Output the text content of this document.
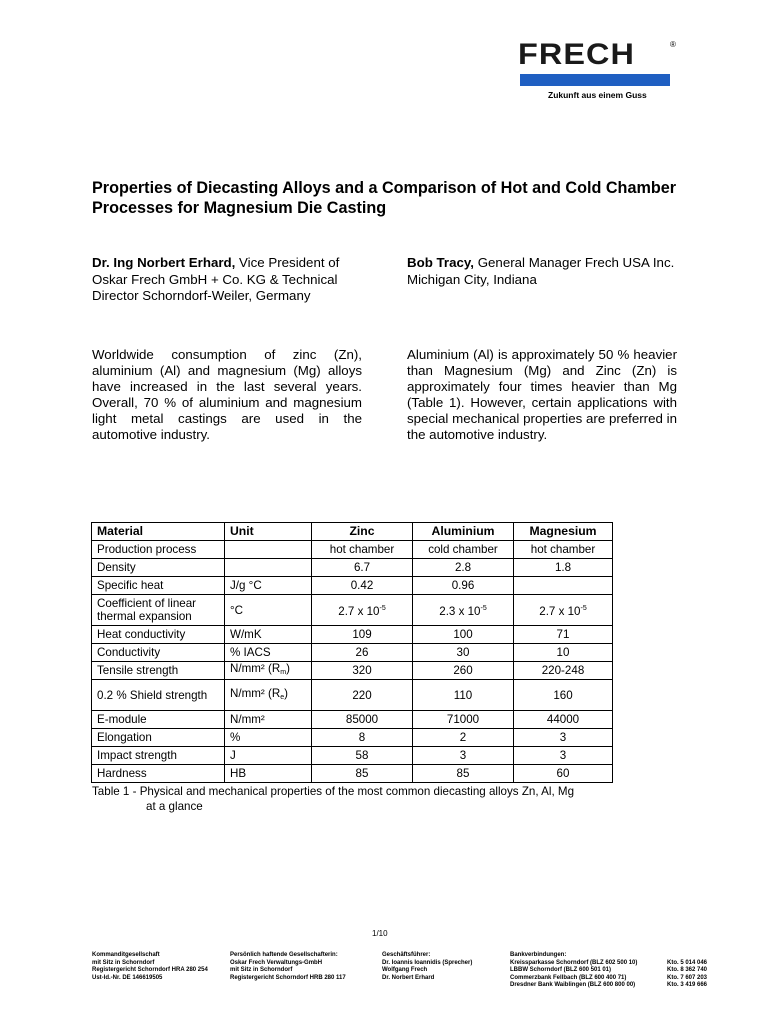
FRECH	®
Zukunft aus einem Guss
Properties of Diecasting Alloys and a Comparison of Hot and Cold Chamber Processes for Magnesium Die Casting
Dr. Ing Norbert Erhard, Vice President of Oskar Frech GmbH + Co. KG & Technical Director Schorndorf-Weiler, Germany
Bob Tracy, General Manager Frech USA Inc. Michigan City, Indiana
Worldwide consumption of zinc (Zn), aluminium (Al) and magnesium (Mg) alloys have increased in the last several years. Overall, 70 % of aluminium and magnesium light metal castings are used in the automotive industry.
Aluminium (Al) is approximately 50 % heavier than Magnesium (Mg) and Zinc (Zn) is approximately four times heavier than Mg (Table 1). However, certain applications with special mechanical properties are preferred in the automotive industry.
Material	Unit	Zinc	Aluminium	Magnesium
Production process		hot chamber	cold chamber	hot chamber
Density		6.7	2.8	1.8
Specific heat	J/g °C	0.42	0.96	
Coefficient of linear thermal expansion	°C	2.7 x $10^{-5}$	2.3 x $10^{-5}$	2.7 x $10^{-5}$
Heat conductivity	W/mK	109	100	71
Conductivity	% IACS	26	30	10
Tensile strength	N/mm² $(R_m)$	320	260	220-248
0.2 % Shield strength	N/mm² $(R_e)$	220	110	160
E-module	N/mm²	85000	71000	44000
Elongation	%	8	2	3
Impact strength	J	58	3	3
Hardness	HB	85	85	60
Table 1 - Physical and mechanical properties of the most common diecasting alloys Zn, Al, Mg
at a glance
1/10
Kommanditgesellschaft
mit Sitz in Schorndorf
Registergericht Schorndorf HRA 280 254
Ust-Id.-Nr. DE 146619505
Persönlich haftende Gesellschafterin:
Oskar Frech Verwaltungs-GmbH
mit Sitz in Schorndorf
Registergericht Schorndorf HRB 280 117
Geschäftsführer:
Dr. Ioannis Ioannidis (Sprecher)
Wolfgang Frech
Dr. Norbert Erhard
Bankverbindungen:
Kreissparkasse Schorndorf (BLZ 602 500 10)
LBBW Schorndorf (BLZ 600 501 01)
Commerzbank Fellbach (BLZ 600 400 71)
Dresdner Bank Waiblingen (BLZ 600 800 00)

Kto. 5 014 046
Kto. 8 362 740
Kto. 7 607 203
Kto. 3 419 666
